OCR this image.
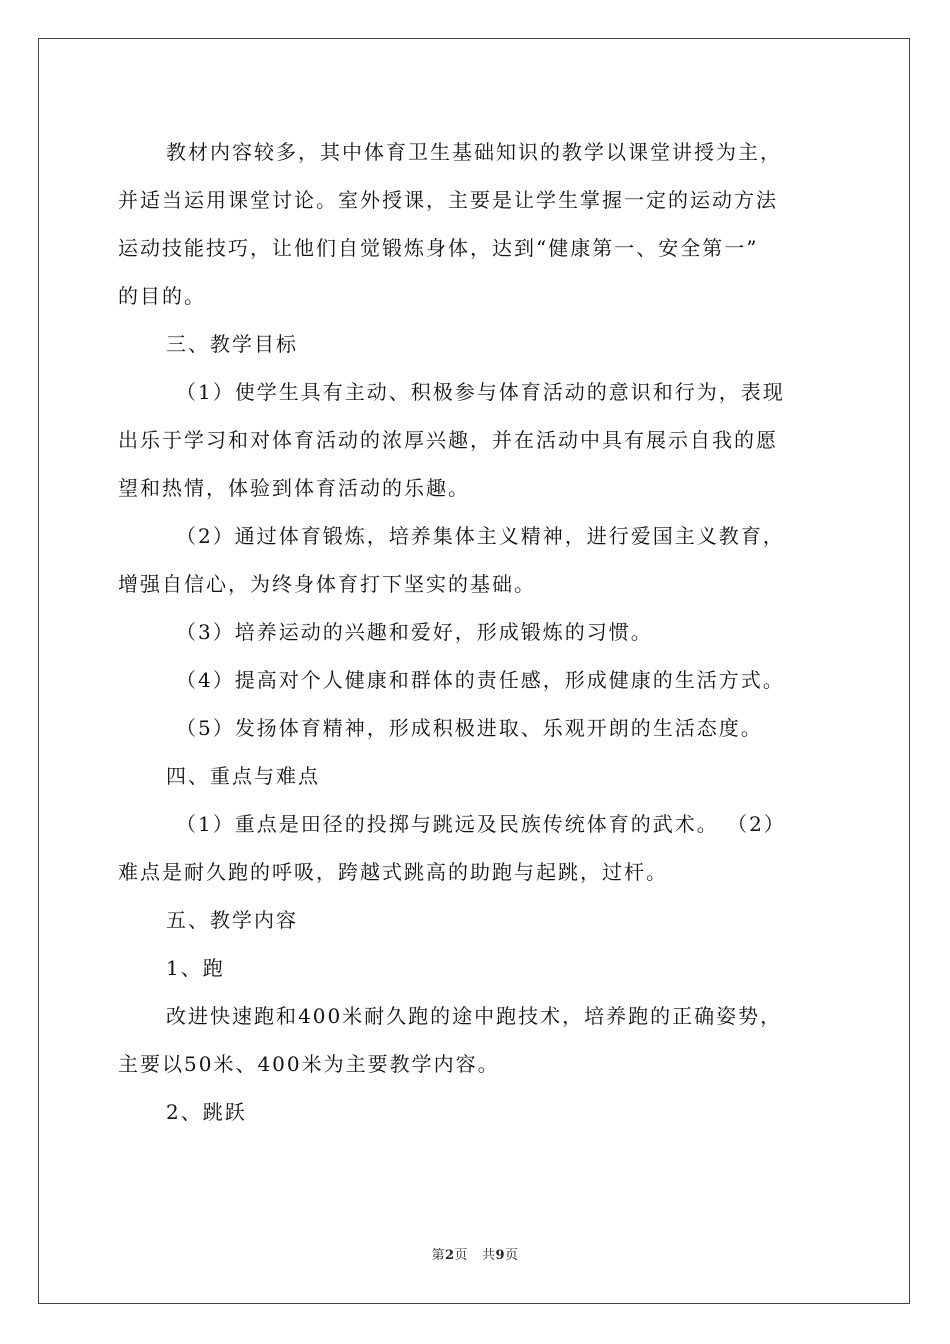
教材内容较多，其中体育卫生基础知识的教学以课堂讲授为主，
并适当运用课堂讨论。室外授课，主要是让学生掌握一定的运动方法
运动技能技巧，让他们自觉锻炼身体，达到“健康第一、安全第一”
的目的。
三、教学目标
（1）使学生具有主动、积极参与体育活动的意识和行为，表现
出乐于学习和对体育活动的浓厚兴趣，并在活动中具有展示自我的愿
望和热情，体验到体育活动的乐趣。
（2）通过体育锻炼，培养集体主义精神，进行爱国主义教育，
增强自信心，为终身体育打下坚实的基础。
（3）培养运动的兴趣和爱好，形成锻炼的习惯。
（4）提高对个人健康和群体的责任感，形成健康的生活方式。
（5）发扬体育精神，形成积极进取、乐观开朗的生活态度。
四、重点与难点
（1）重点是田径的投掷与跳远及民族传统体育的武术。 （2）
难点是耐久跑的呼吸，跨越式跳高的助跑与起跳，过杆。
五、教学内容
1、跑
改进快速跑和400米耐久跑的途中跑技术，培养跑的正确姿势，
主要以50米、400米为主要教学内容。
2、跳跃
第2页 共9页
